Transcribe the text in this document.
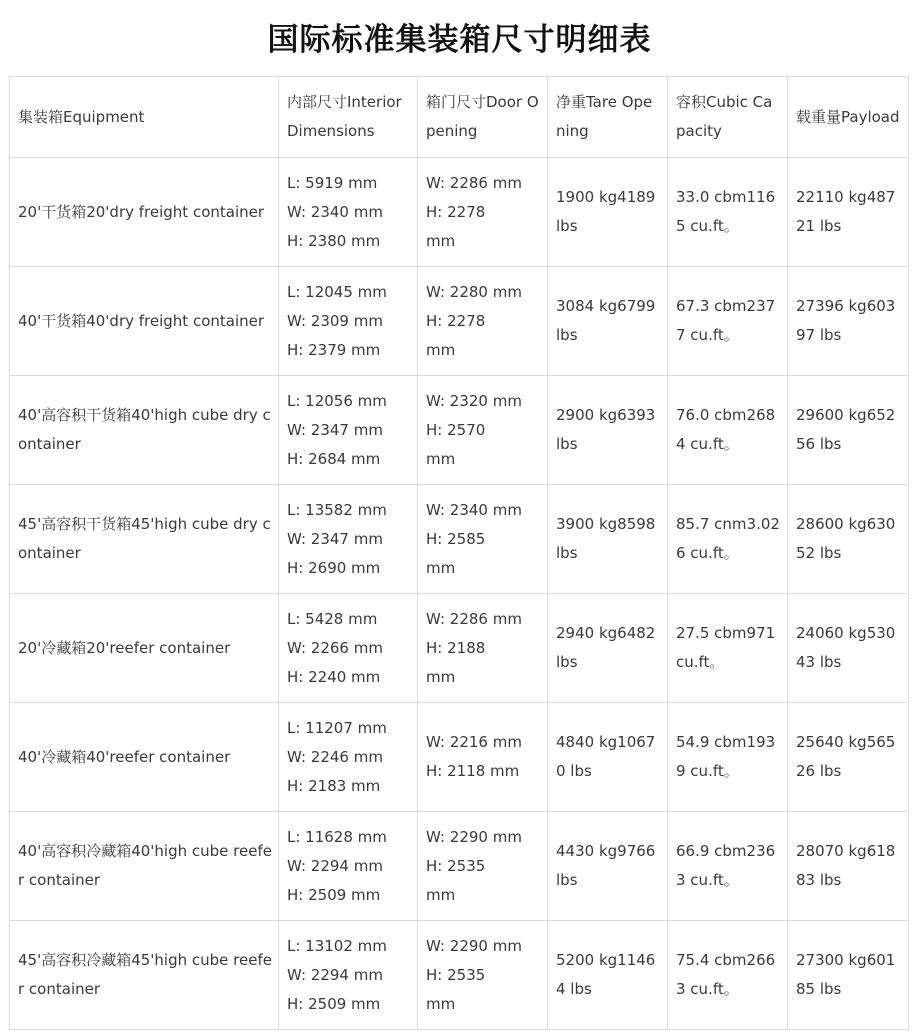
国际标准集装箱尺寸明细表
集装箱Equipment	内部尺寸Interior Dimensions	箱门尺寸Door Opening	净重Tare Opening	容积Cubic Capacity	载重量Payload
20'干货箱20'dry freight container	L: 5919 mm
W: 2340 mm
H: 2380 mm	W: 2286 mm
H: 2278
mm	1900 kg4189 lbs	33.0 cbm1165 cu.ft。	22110 kg48721 lbs
40'干货箱40'dry freight container	L: 12045 mm
W: 2309 mm
H: 2379 mm	W: 2280 mm
H: 2278
mm	3084 kg6799 lbs	67.3 cbm2377 cu.ft。	27396 kg60397 lbs
40'高容积干货箱40'high cube dry container	L: 12056 mm
W: 2347 mm
H: 2684 mm	W: 2320 mm
H: 2570
mm	2900 kg6393 lbs	76.0 cbm2684 cu.ft。	29600 kg65256 lbs
45'高容积干货箱45'high cube dry container	L: 13582 mm
W: 2347 mm
H: 2690 mm	W: 2340 mm
H: 2585
mm	3900 kg8598 lbs	85.7 cnm3.026 cu.ft。	28600 kg63052 lbs
20'冷藏箱20'reefer container	L: 5428 mm
W: 2266 mm
H: 2240 mm	W: 2286 mm
H: 2188
mm	2940 kg6482 lbs	27.5 cbm971 cu.ft。	24060 kg53043 lbs
40'冷藏箱40'reefer container	L: 11207 mm
W: 2246 mm
H: 2183 mm	W: 2216 mm
H: 2118 mm	4840 kg10670 lbs	54.9 cbm1939 cu.ft。	25640 kg56526 lbs
40'高容积冷藏箱40'high cube reefer container	L: 11628 mm
W: 2294 mm
H: 2509 mm	W: 2290 mm
H: 2535
mm	4430 kg9766 lbs	66.9 cbm2363 cu.ft。	28070 kg61883 lbs
45'高容积冷藏箱45'high cube reefer container	L: 13102 mm
W: 2294 mm
H: 2509 mm	W: 2290 mm
H: 2535
mm	5200 kg11464 lbs	75.4 cbm2663 cu.ft。	27300 kg60185 lbs
